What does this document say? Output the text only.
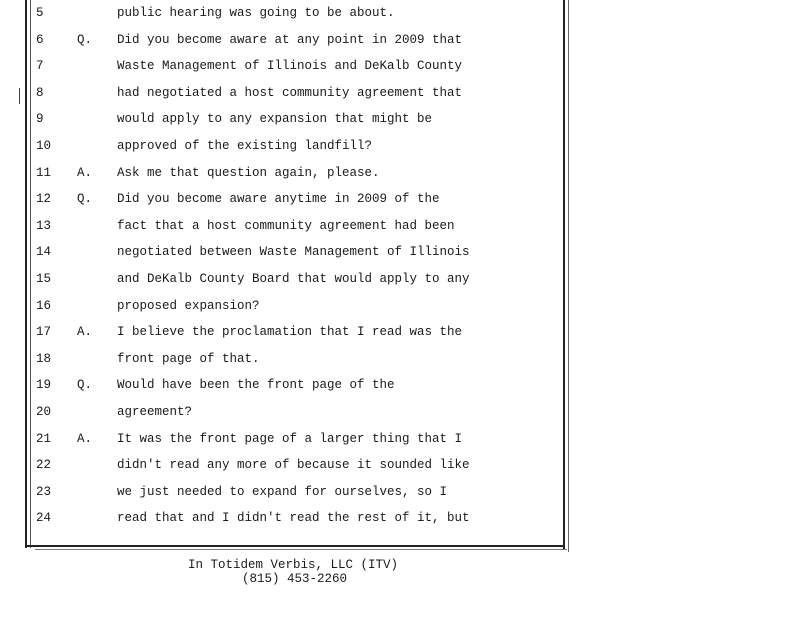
5	public hearing was going to be about.
6	Q.	Did you become aware at any point in 2009 that
7	Waste Management of Illinois and DeKalb County
8	had negotiated a host community agreement that
9	would apply to any expansion that might be
10	approved of the existing landfill?
11	A.	Ask me that question again, please.
12	Q.	Did you become aware anytime in 2009 of the
13	fact that a host community agreement had been
14	negotiated between Waste Management of Illinois
15	and DeKalb County Board that would apply to any
16	proposed expansion?
17	A.	I believe the proclamation that I read was the
18	front page of that.
19	Q.	Would have been the front page of the
20	agreement?
21	A.	It was the front page of a larger thing that I
22	didn't read any more of because it sounded like
23	we just needed to expand for ourselves, so I
24	read that and I didn't read the rest of it, but
In Totidem Verbis, LLC (ITV)
(815) 453-2260
